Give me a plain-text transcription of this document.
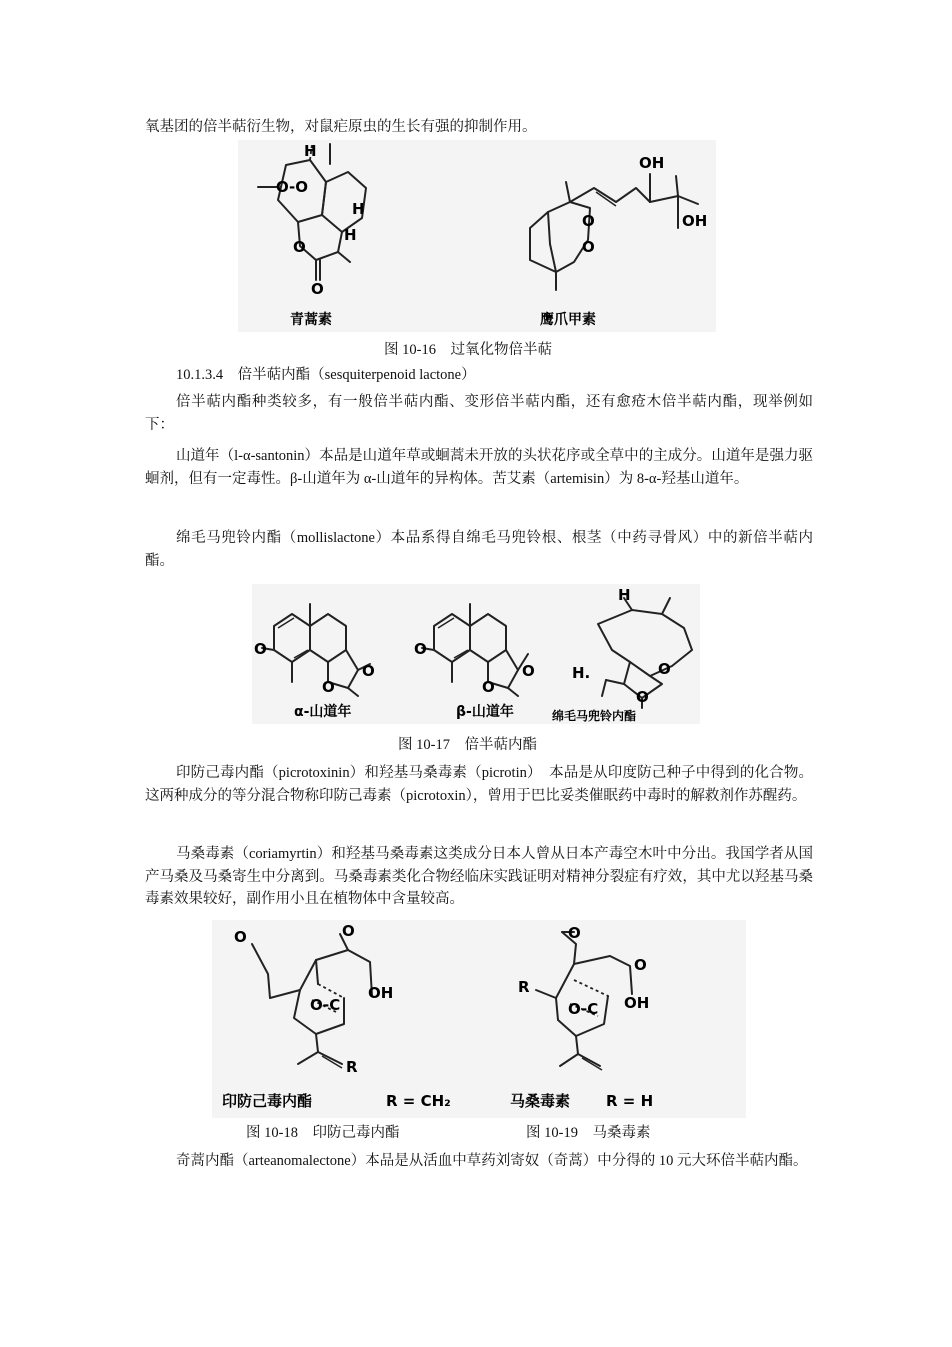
氧基团的倍半萜衍生物，对鼠疟原虫的生长有强的抑制作用。

H
O-O
H
H
O
O
青蒿素
OH
OH
O
O
鹰爪甲素
图 10-16　过氧化物倍半萜

10.1.3.4　倍半萜内酯（sesquiterpenoid lactone）

倍半萜内酯种类较多，有一般倍半萜内酯、变形倍半萜内酯，还有愈疮木倍半萜内酯，现举例如下：

山道年（l-α-santonin）本品是山道年草或蛔蒿未开放的头状花序或全草中的主成分。山道年是强力驱蛔剂，但有一定毒性。β-山道年为 α-山道年的异构体。苦艾素（artemisin）为 8-α-羟基山道年。

绵毛马兜铃内酯（mollislactone）本品系得自绵毛马兜铃根、根茎（中药寻骨风）中的新倍半萜内酯。

O
O
O
α-山道年
O
O
O
β-山道年
H
H.	O
O
绵毛马兜铃内酯
图 10-17　倍半萜内酯

印防己毒内酯（picrotoxinin）和羟基马桑毒素（picrotin）　本品是从印度防己种子中得到的化合物。这两种成分的等分混合物称印防己毒素（picrotoxin），曾用于巴比妥类催眠药中毒时的解救剂作苏醒药。

马桑毒素（coriamyrtin）和羟基马桑毒素这类成分日本人曾从日本产毒空木叶中分出。我国学者从国产马桑及马桑寄生中分离到。马桑毒素类化合物经临床实践证明对精神分裂症有疗效，其中尤以羟基马桑毒素效果较好，副作用小且在植物体中含量较高。

O	O
O-C
OH
R
印防己毒内酯	R = CH₂
O
O
R
O-C OH
马桑毒素 R = H
图 10-18　印防己毒内酯	图 10-19　马桑毒素

奇蒿内酯（arteanomalectone）本品是从活血中草药刘寄奴（奇蒿）中分得的 10 元大环倍半萜内酯。
